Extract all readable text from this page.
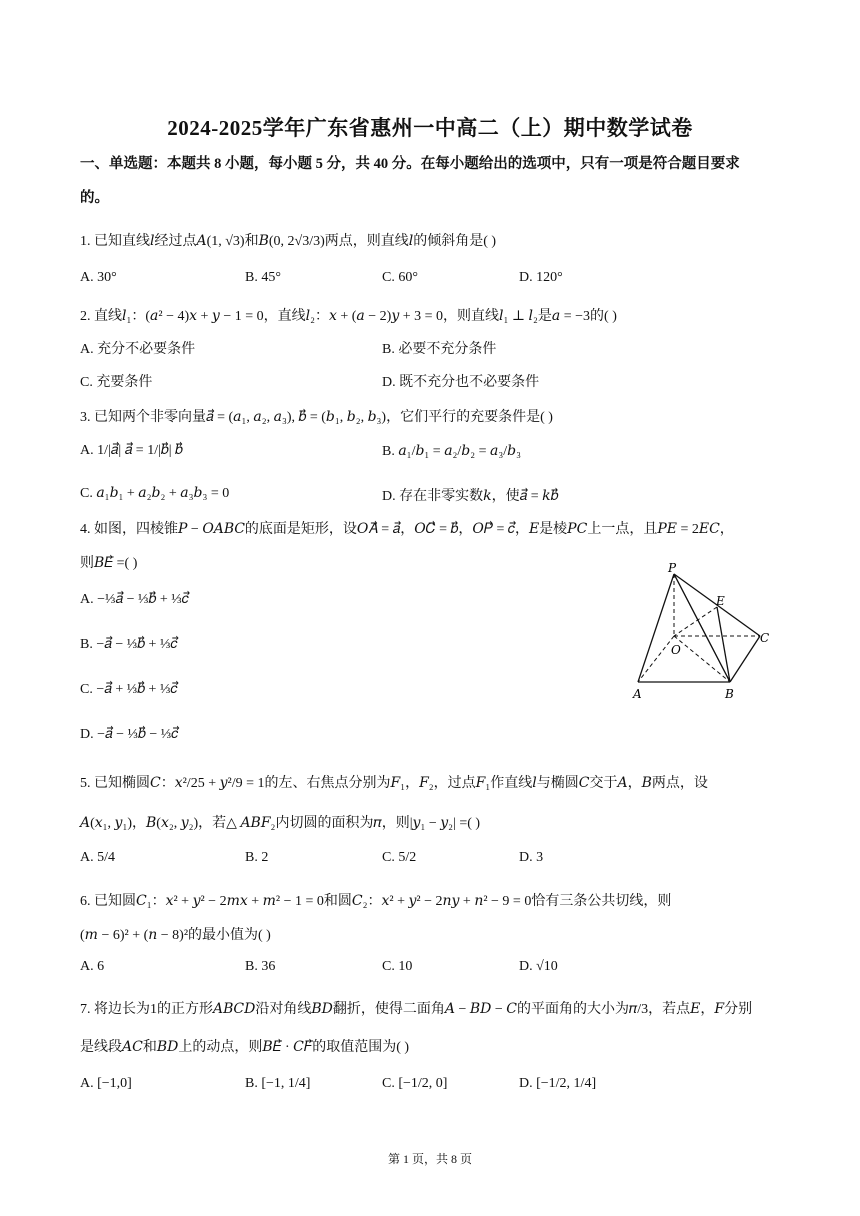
2024-2025学年广东省惠州一中高二（上）期中数学试卷
一、单选题：本题共 8 小题，每小题 5 分，共 40 分。在每小题给出的选项中，只有一项是符合题目要求
的。
1. 已知直线𝑙经过点𝐴(1, √3)和𝐵(0, 2√3/3)两点，则直线𝑙的倾斜角是( )
A. 30°	B. 45°	C. 60°	D. 120°
2. 直线𝑙₁：(𝑎² − 4)𝑥 + 𝑦 − 1 = 0，直线𝑙₂：𝑥 + (𝑎 − 2)𝑦 + 3 = 0，则直线𝑙₁ ⊥ 𝑙₂是𝑎 = −3的( )
A. 充分不必要条件	B. 必要不充分条件
C. 充要条件	D. 既不充分也不必要条件
3. 已知两个非零向量𝑎⃗ = (𝑎₁, 𝑎₂, 𝑎₃), 𝑏⃗ = (𝑏₁, 𝑏₂, 𝑏₃)，它们平行的充要条件是( )
A. 1/|𝑎⃗| 𝑎⃗ = 1/|𝑏⃗| 𝑏⃗	B. 𝑎₁/𝑏₁ = 𝑎₂/𝑏₂ = 𝑎₃/𝑏₃
C. 𝑎₁𝑏₁ + 𝑎₂𝑏₂ + 𝑎₃𝑏₃ = 0	D. 存在非零实数𝑘，使𝑎⃗ = 𝑘𝑏⃗
4. 如图，四棱锥𝑃 − 𝑂𝐴𝐵𝐶的底面是矩形，设𝑂𝐴⃗ = 𝑎⃗，𝑂𝐶⃗ = 𝑏⃗，𝑂𝑃⃗ = 𝑐⃗，𝐸是棱𝑃𝐶上一点，且𝑃𝐸 = 2𝐸𝐶，
则𝐵𝐸⃗ =( )
A. −⅓𝑎⃗ − ⅓𝑏⃗ + ⅓𝑐⃗
B. −𝑎⃗ − ⅓𝑏⃗ + ⅓𝑐⃗
C. −𝑎⃗ + ⅓𝑏⃗ + ⅓𝑐⃗
D. −𝑎⃗ − ⅓𝑏⃗ − ⅓𝑐⃗
P
E
C
O
A	B
5. 已知椭圆𝐶：𝑥²/25 + 𝑦²/9 = 1的左、右焦点分别为𝐹₁，𝐹₂，过点𝐹₁作直线𝑙与椭圆𝐶交于𝐴，𝐵两点，设
𝐴(𝑥₁, 𝑦₁)，𝐵(𝑥₂, 𝑦₂)，若△ 𝐴𝐵𝐹₂内切圆的面积为𝜋，则|𝑦₁ − 𝑦₂| =( )
A. 5/4	B. 2	C. 5/2	D. 3
6. 已知圆𝐶₁：𝑥² + 𝑦² − 2𝑚𝑥 + 𝑚² − 1 = 0和圆𝐶₂：𝑥² + 𝑦² − 2𝑛𝑦 + 𝑛² − 9 = 0恰有三条公共切线，则
(𝑚 − 6)² + (𝑛 − 8)²的最小值为( )
A. 6	B. 36	C. 10	D. √10
7. 将边长为1的正方形𝐴𝐵𝐶𝐷沿对角线𝐵𝐷翻折，使得二面角𝐴 − 𝐵𝐷 − 𝐶的平面角的大小为𝜋/3，若点𝐸，𝐹分别
是线段𝐴𝐶和𝐵𝐷上的动点，则𝐵𝐸⃗ · 𝐶𝐹⃗的取值范围为( )
A. [−1,0]	B. [−1, 1/4]	C. [−1/2, 0]	D. [−1/2, 1/4]
第 1 页，共 8 页
